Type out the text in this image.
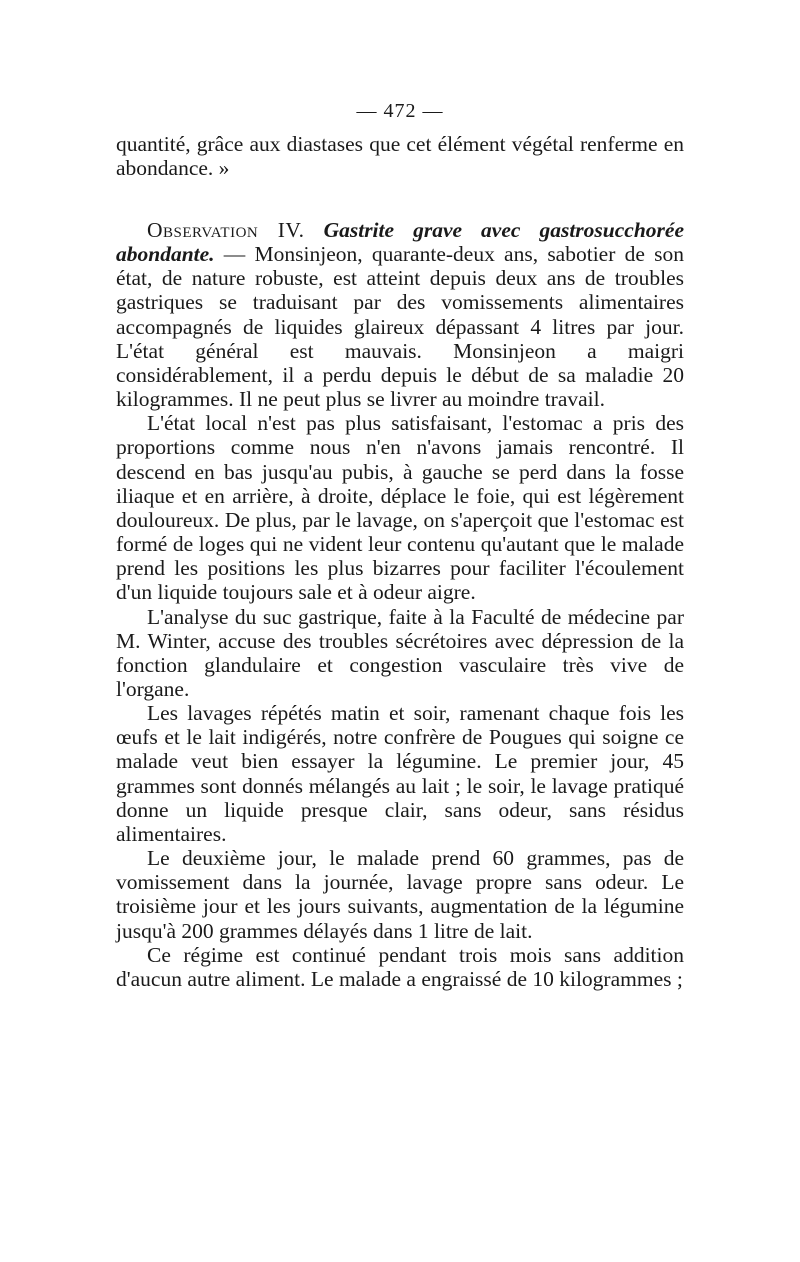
— 472 —

quantité, grâce aux diastases que cet élément végétal renferme en abondance. »

Observation IV. Gastrite grave avec gastrosucchorée abondante. — Monsinjeon, quarante-deux ans, sabotier de son état, de nature robuste, est atteint depuis deux ans de troubles gastriques se traduisant par des vomissements alimentaires accompagnés de liquides glaireux dépassant 4 litres par jour. L'état général est mauvais. Monsinjeon a maigri considérablement, il a perdu depuis le début de sa maladie 20 kilogrammes. Il ne peut plus se livrer au moindre travail.

L'état local n'est pas plus satisfaisant, l'estomac a pris des proportions comme nous n'en n'avons jamais rencontré. Il descend en bas jusqu'au pubis, à gauche se perd dans la fosse iliaque et en arrière, à droite, déplace le foie, qui est légèrement douloureux. De plus, par le lavage, on s'aperçoit que l'estomac est formé de loges qui ne vident leur contenu qu'autant que le malade prend les positions les plus bizarres pour faciliter l'écoulement d'un liquide toujours sale et à odeur aigre.

L'analyse du suc gastrique, faite à la Faculté de médecine par M. Winter, accuse des troubles sécrétoires avec dépression de la fonction glandulaire et congestion vasculaire très vive de l'organe.

Les lavages répétés matin et soir, ramenant chaque fois les œufs et le lait indigérés, notre confrère de Pougues qui soigne ce malade veut bien essayer la légumine. Le premier jour, 45 grammes sont donnés mélangés au lait ; le soir, le lavage pratiqué donne un liquide presque clair, sans odeur, sans résidus alimentaires.

Le deuxième jour, le malade prend 60 grammes, pas de vomissement dans la journée, lavage propre sans odeur. Le troisième jour et les jours suivants, augmentation de la légumine jusqu'à 200 grammes délayés dans 1 litre de lait.

Ce régime est continué pendant trois mois sans addition d'aucun autre aliment. Le malade a engraissé de 10 kilogrammes ;
